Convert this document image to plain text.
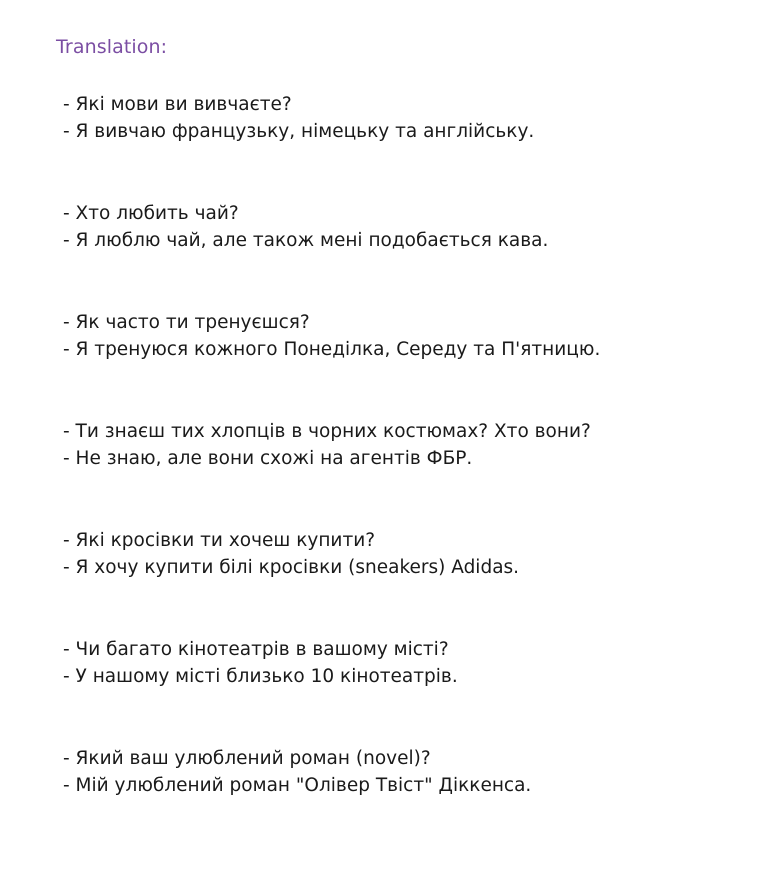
Translation:
- Які мови ви вивчаєте?
- Я вивчаю французьку, німецьку та англійську.
- Хто любить чай?
- Я люблю чай, але також мені подобається кава.
- Як часто ти тренуєшся?
- Я тренуюся кожного Понеділка, Середу та П'ятницю.
- Ти знаєш тих хлопців в чорних костюмах? Хто вони?
- Не знаю, але вони схожі на агентів ФБР.
- Які кросівки ти хочеш купити?
- Я хочу купити білі кросівки (sneakers) Adidas.
- Чи багато кінотеатрів в вашому місті?
- У нашому місті близько 10 кінотеатрів.
- Який ваш улюблений роман (novel)?
- Мій улюблений роман "Олівер Твіст" Діккенса.
